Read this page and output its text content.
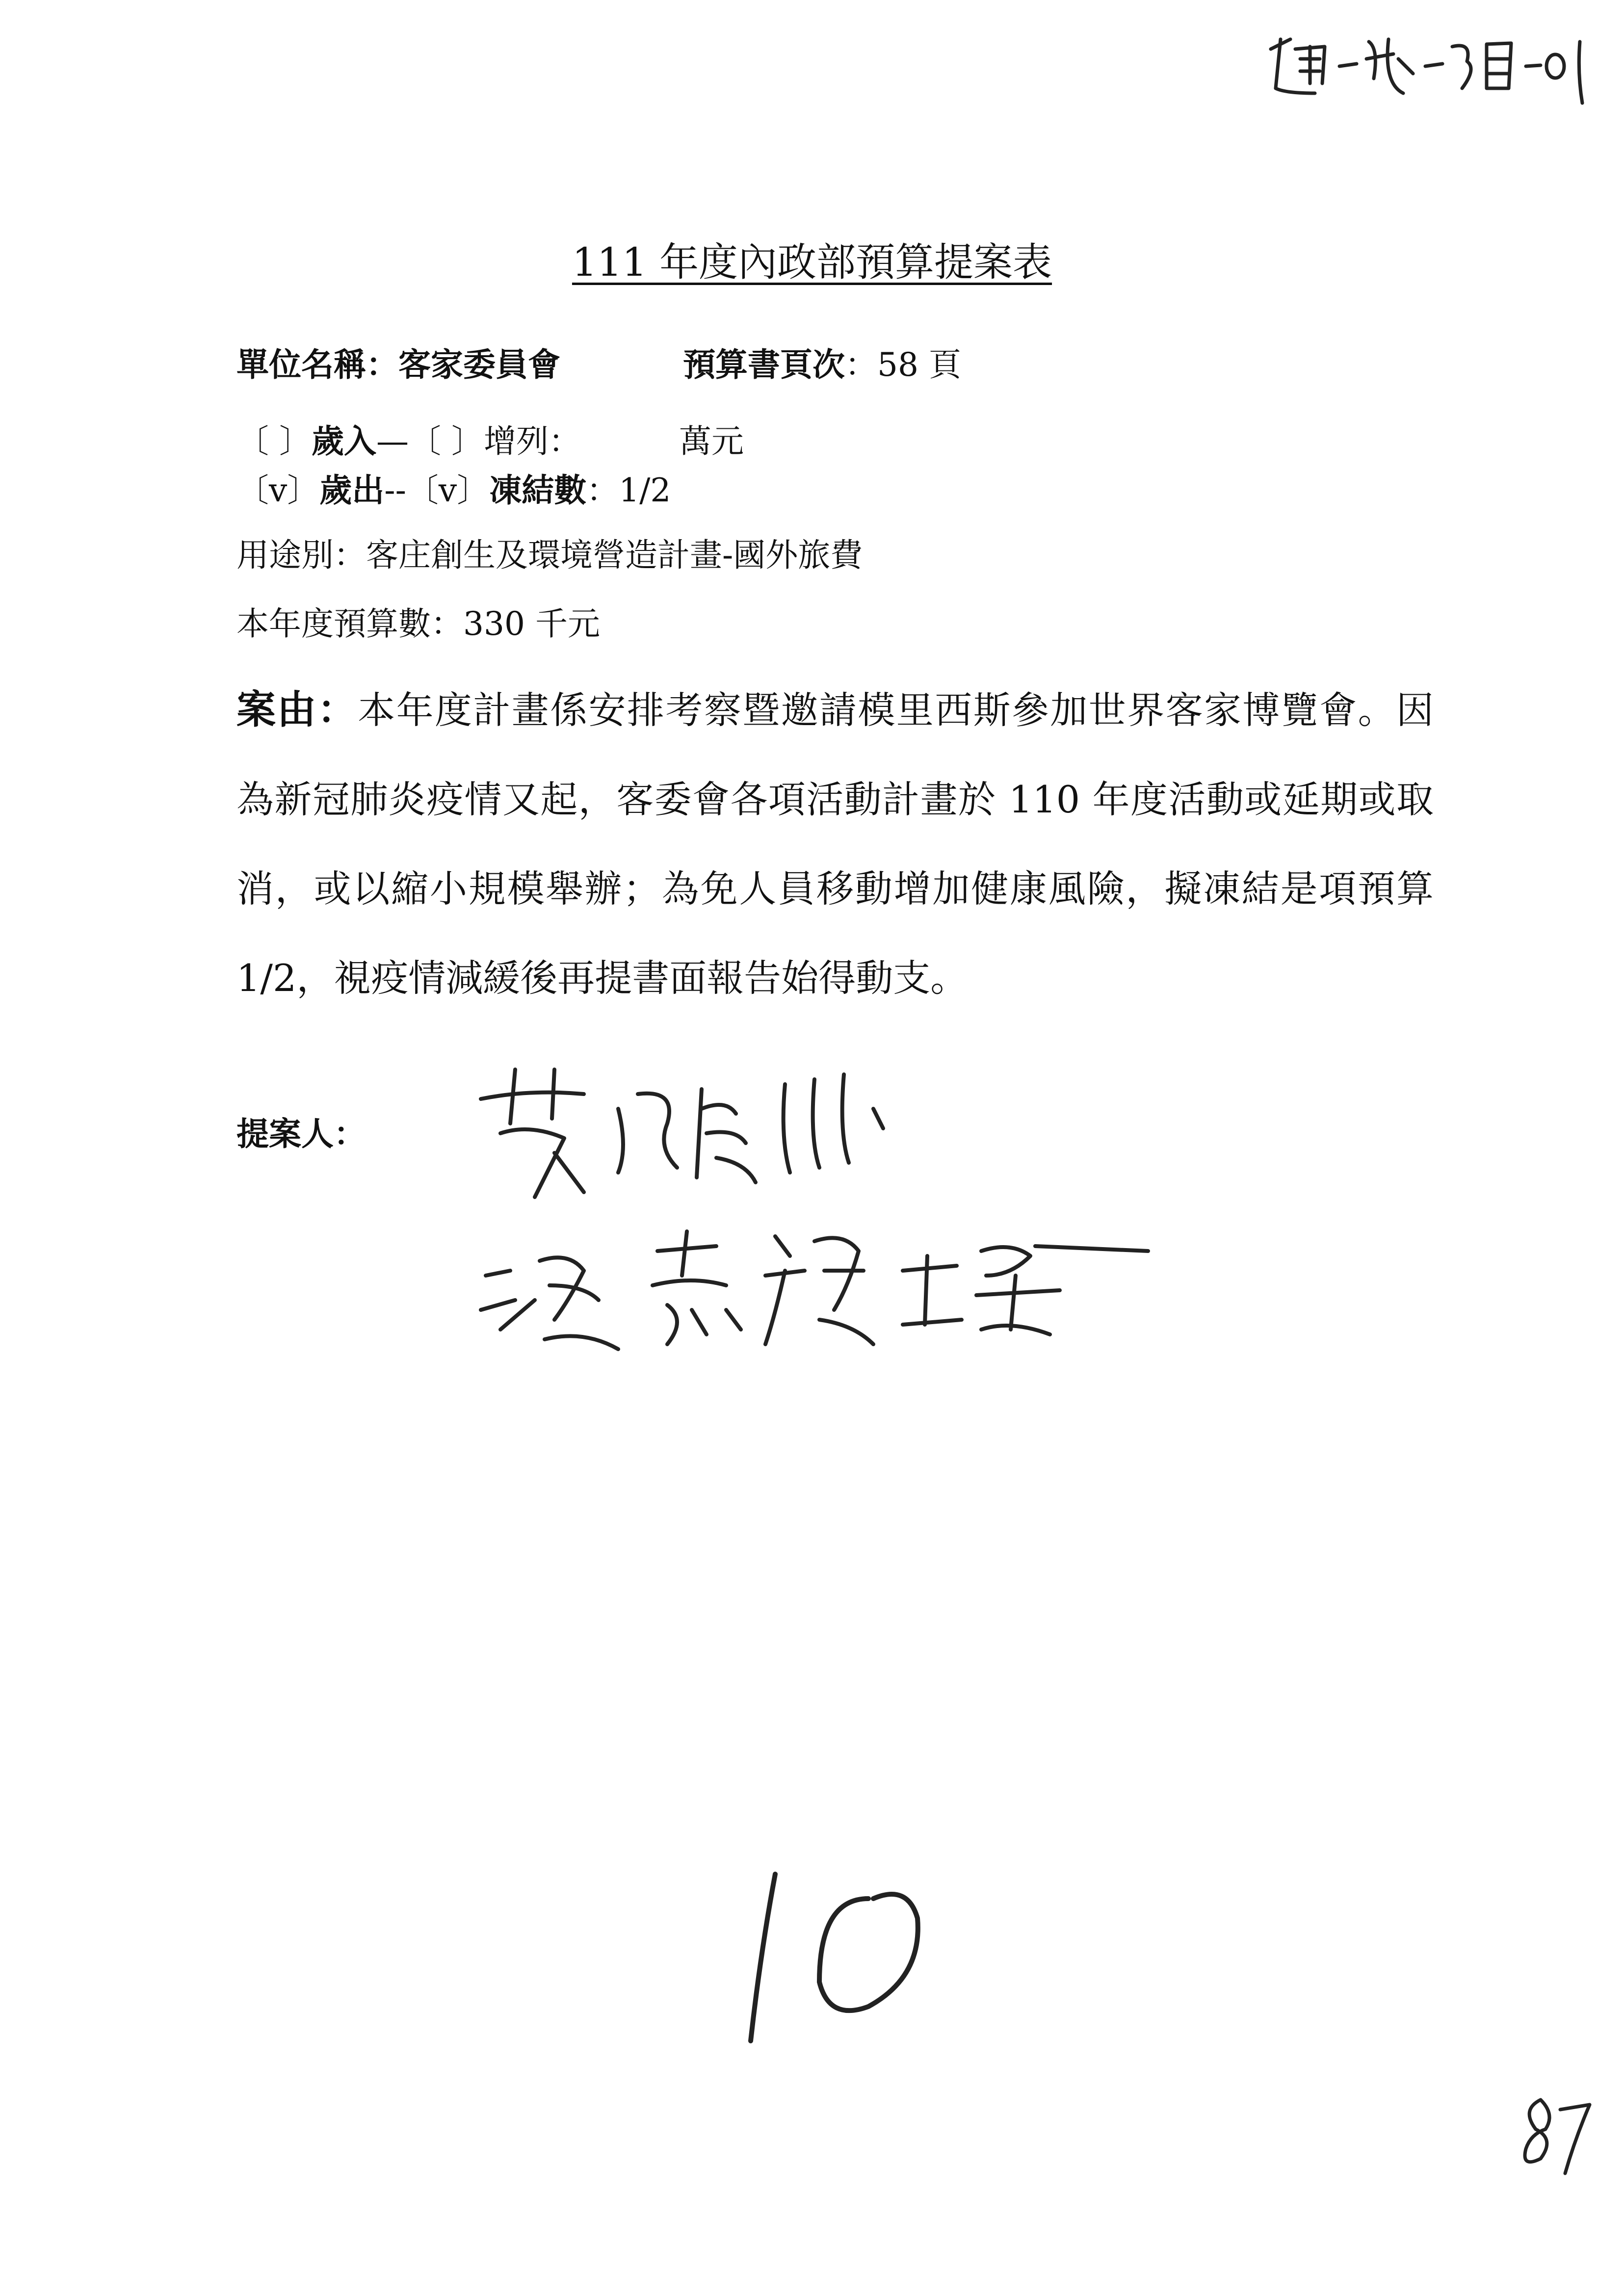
111 年度內政部預算提案表
單位名稱：客家委員會	預算書頁次：58 頁
〔 〕歲入—〔 〕增列：	萬元
〔v〕歲出--〔v〕凍結數：1/2
用途別：客庄創生及環境營造計畫-國外旅費
本年度預算數：330 千元
案由：本年度計畫係安排考察暨邀請模里西斯參加世界客家博覽會。因為新冠肺炎疫情又起，客委會各項活動計畫於 110 年度活動或延期或取消，或以縮小規模舉辦；為免人員移動增加健康風險，擬凍結是項預算 1/2，視疫情減緩後再提書面報告始得動支。
提案人：
